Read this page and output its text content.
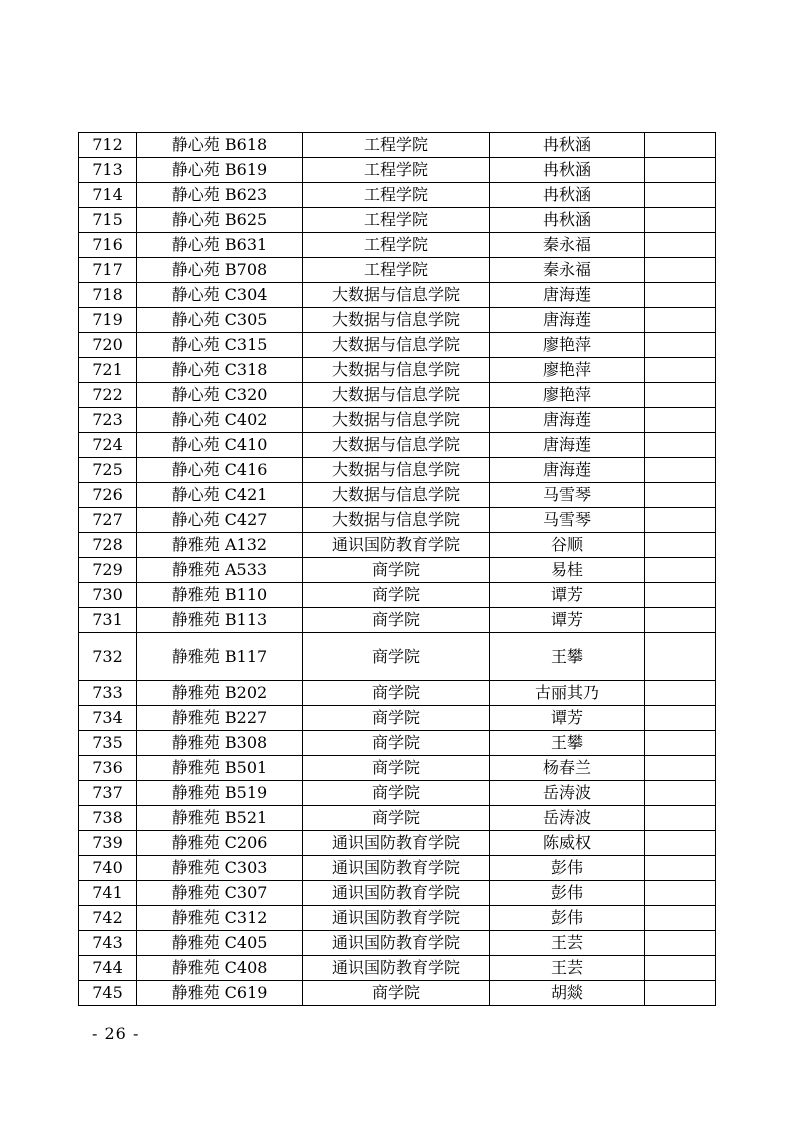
712	静心苑 B618	工程学院	冉秋涵	
713	静心苑 B619	工程学院	冉秋涵	
714	静心苑 B623	工程学院	冉秋涵	
715	静心苑 B625	工程学院	冉秋涵	
716	静心苑 B631	工程学院	秦永福	
717	静心苑 B708	工程学院	秦永福	
718	静心苑 C304	大数据与信息学院	唐海莲	
719	静心苑 C305	大数据与信息学院	唐海莲	
720	静心苑 C315	大数据与信息学院	廖艳萍	
721	静心苑 C318	大数据与信息学院	廖艳萍	
722	静心苑 C320	大数据与信息学院	廖艳萍	
723	静心苑 C402	大数据与信息学院	唐海莲	
724	静心苑 C410	大数据与信息学院	唐海莲	
725	静心苑 C416	大数据与信息学院	唐海莲	
726	静心苑 C421	大数据与信息学院	马雪琴	
727	静心苑 C427	大数据与信息学院	马雪琴	
728	静雅苑 A132	通识国防教育学院	谷顺	
729	静雅苑 A533	商学院	易桂	
730	静雅苑 B110	商学院	谭芳	
731	静雅苑 B113	商学院	谭芳	
732	静雅苑 B117	商学院	王攀	
733	静雅苑 B202	商学院	古丽其乃	
734	静雅苑 B227	商学院	谭芳	
735	静雅苑 B308	商学院	王攀	
736	静雅苑 B501	商学院	杨春兰	
737	静雅苑 B519	商学院	岳涛波	
738	静雅苑 B521	商学院	岳涛波	
739	静雅苑 C206	通识国防教育学院	陈威权	
740	静雅苑 C303	通识国防教育学院	彭伟	
741	静雅苑 C307	通识国防教育学院	彭伟	
742	静雅苑 C312	通识国防教育学院	彭伟	
743	静雅苑 C405	通识国防教育学院	王芸	
744	静雅苑 C408	通识国防教育学院	王芸	
745	静雅苑 C619	商学院	胡燚	
- 26 -
